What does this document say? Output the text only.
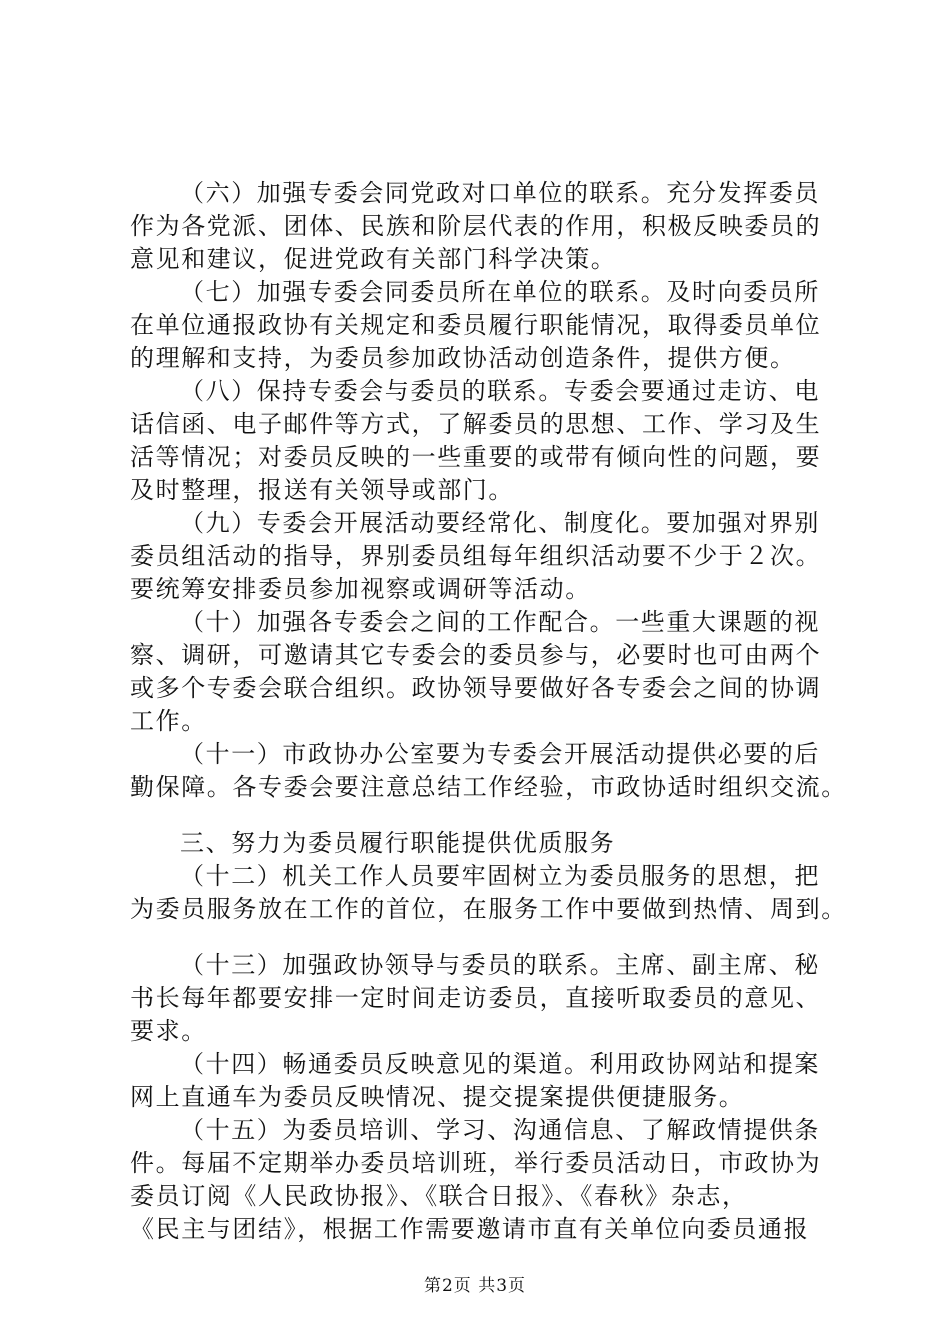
（六）加强专委会同党政对口单位的联系。充分发挥委员
作为各党派、团体、民族和阶层代表的作用，积极反映委员的
意见和建议，促进党政有关部门科学决策。
（七）加强专委会同委员所在单位的联系。及时向委员所
在单位通报政协有关规定和委员履行职能情况，取得委员单位
的理解和支持，为委员参加政协活动创造条件，提供方便。
（八）保持专委会与委员的联系。专委会要通过走访、电
话信函、电子邮件等方式，了解委员的思想、工作、学习及生
活等情况；对委员反映的一些重要的或带有倾向性的问题，要
及时整理，报送有关领导或部门。
（九）专委会开展活动要经常化、制度化。要加强对界别
委员组活动的指导，界别委员组每年组织活动要不少于２次。
要统筹安排委员参加视察或调研等活动。
（十）加强各专委会之间的工作配合。一些重大课题的视
察、调研，可邀请其它专委会的委员参与，必要时也可由两个
或多个专委会联合组织。政协领导要做好各专委会之间的协调
工作。
（十一）市政协办公室要为专委会开展活动提供必要的后
勤保障。各专委会要注意总结工作经验，市政协适时组织交流。
三、努力为委员履行职能提供优质服务
（十二）机关工作人员要牢固树立为委员服务的思想，把
为委员服务放在工作的首位，在服务工作中要做到热情、周到。
（十三）加强政协领导与委员的联系。主席、副主席、秘
书长每年都要安排一定时间走访委员，直接听取委员的意见、
要求。
（十四）畅通委员反映意见的渠道。利用政协网站和提案
网上直通车为委员反映情况、提交提案提供便捷服务。
（十五）为委员培训、学习、沟通信息、了解政情提供条
件。每届不定期举办委员培训班，举行委员活动日，市政协为
委员订阅《人民政协报》、《联合日报》、《春秋》杂志，
《民主与团结》，根据工作需要邀请市直有关单位向委员通报
第2页 共3页
